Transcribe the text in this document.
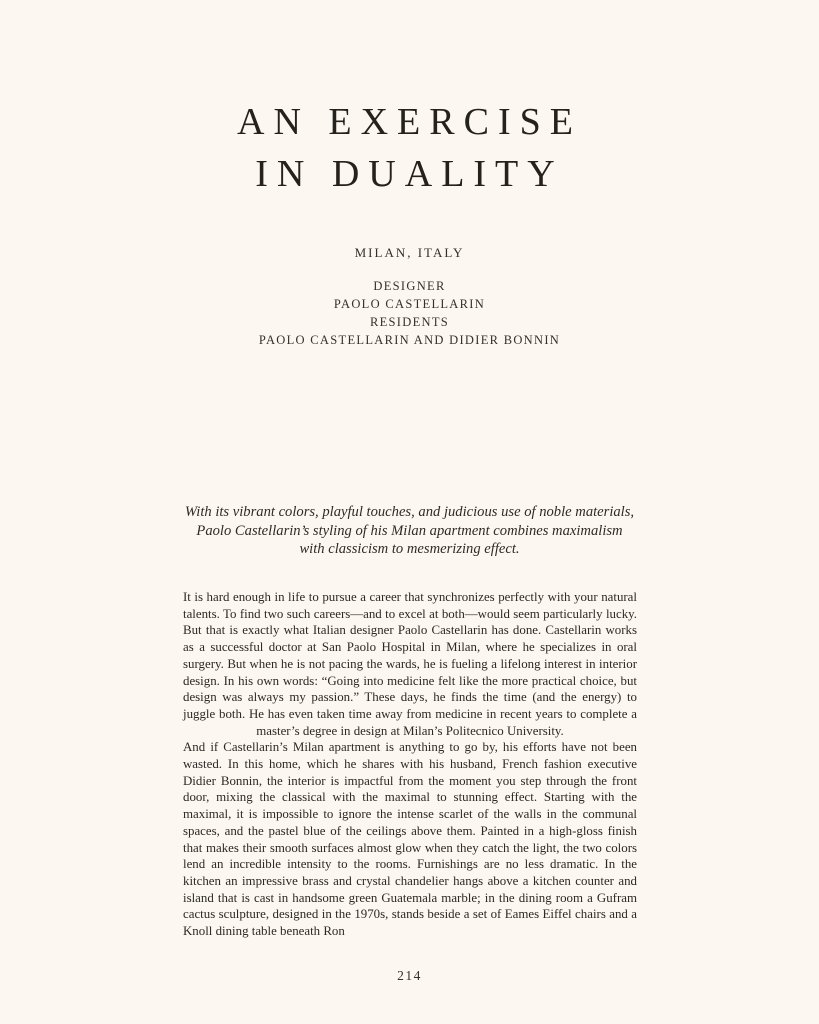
AN EXERCISE
IN DUALITY
MILAN, ITALY
DESIGNER
PAOLO CASTELLARIN
RESIDENTS
PAOLO CASTELLARIN AND DIDIER BONNIN
With its vibrant colors, playful touches, and judicious use of noble materials,
Paolo Castellarin’s styling of his Milan apartment combines maximalism
with classicism to mesmerizing effect.

It is hard enough in life to pursue a career that synchronizes perfectly with your natural talents. To find two such careers—and to excel at both—would seem particularly lucky. But that is exactly what Italian designer Paolo Castellarin has done. Castellarin works as a successful doctor at San Paolo Hospital in Milan, where he specializes in oral surgery. But when he is not pacing the wards, he is fueling a lifelong interest in interior design. In his own words: “Going into medicine felt like the more practical choice, but design was always my passion.” These days, he finds the time (and the energy) to juggle both. He has even taken time away from medicine in recent years to complete a master’s degree in design at Milan’s Politecnico University.

And if Castellarin’s Milan apartment is anything to go by, his efforts have not been wasted. In this home, which he shares with his husband, French fashion executive Didier Bonnin, the interior is impactful from the moment you step through the front door, mixing the classical with the maximal to stunning effect. Starting with the maximal, it is impossible to ignore the intense scarlet of the walls in the communal spaces, and the pastel blue of the ceilings above them. Painted in a high-gloss finish that makes their smooth surfaces almost glow when they catch the light, the two colors lend an incredible intensity to the rooms. Furnishings are no less dramatic. In the kitchen an impressive brass and crystal chandelier hangs above a kitchen counter and island that is cast in handsome green Guatemala marble; in the dining room a Gufram cactus sculpture, designed in the 1970s, stands beside a set of Eames Eiffel chairs and a Knoll dining table beneath Ron

214
